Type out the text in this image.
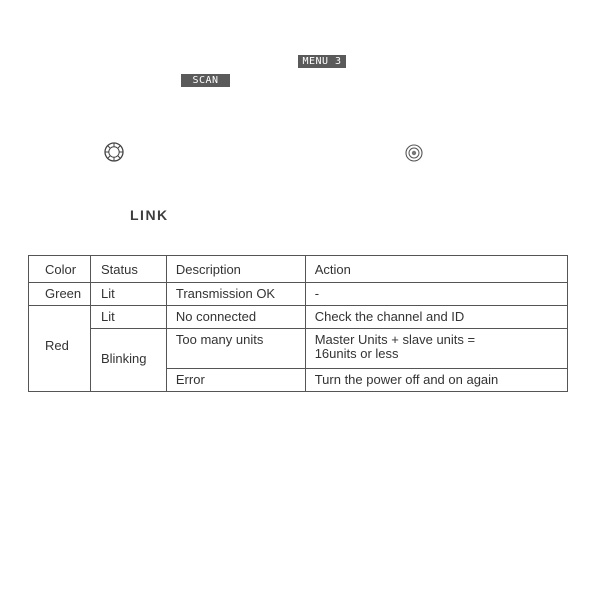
MENU 3
SCAN
LINK
Color	Status	Description	Action
Green	Lit	Transmission OK	-
Red	Lit	No connected	Check the channel and ID
	Blinking	Too many units	Master Units + slave units =
16units or less

		Error	Turn the power off and on again
